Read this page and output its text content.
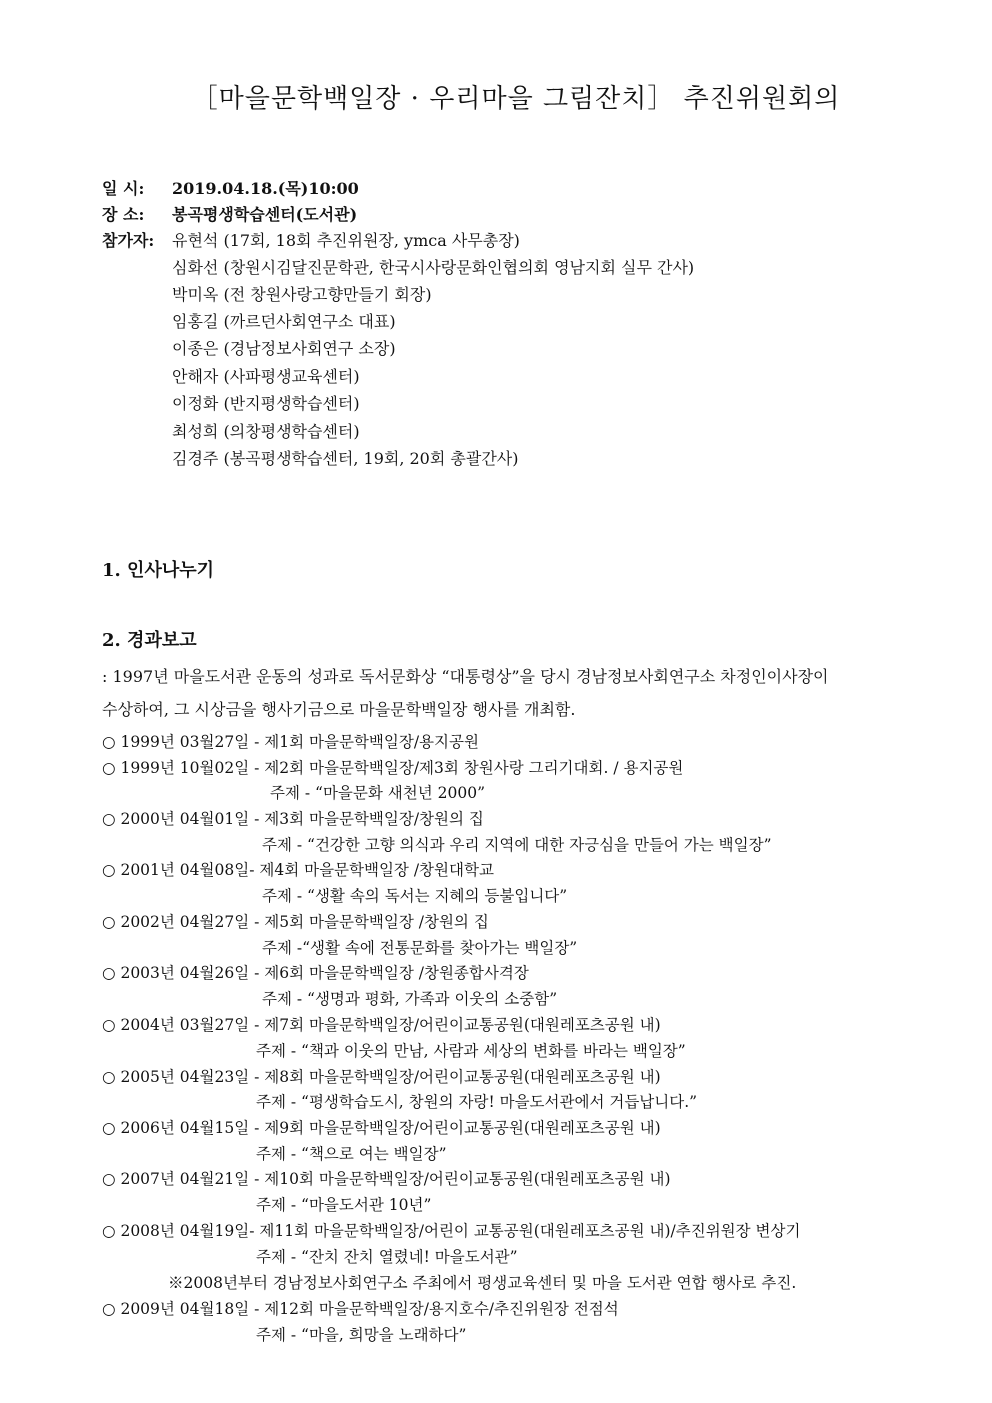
［마을문학백일장 · 우리마을 그림잔치］ 추진위원회의
일 시:	2019.04.18.(목)10:00
장 소:	봉곡평생학습센터(도서관)
참가자:	유현석 (17회, 18회 추진위원장, ymca 사무총장)
심화선 (창원시김달진문학관, 한국시사랑문화인협의회 영남지회 실무 간사)
박미옥 (전 창원사랑고향만들기 회장)
임홍길 (까르던사회연구소 대표)
이종은 (경남정보사회연구 소장)
안해자 (사파평생교육센터)
이정화 (반지평생학습센터)
최성희 (의창평생학습센터)
김경주 (봉곡평생학습센터, 19회, 20회 총괄간사)
1. 인사나누기
2. 경과보고
: 1997년 마을도서관 운동의 성과로 독서문화상 “대통령상”을 당시 경남정보사회연구소 차정인이사장이
수상하여, 그 시상금을 행사기금으로 마을문학백일장 행사를 개최함.
○ 1999년 03월27일 - 제1회 마을문학백일장/용지공원
○ 1999년 10월02일 - 제2회 마을문학백일장/제3회 창원사랑 그리기대회. / 용지공원
주제 - “마을문화 새천년 2000”
○ 2000년 04월01일 - 제3회 마을문학백일장/창원의 집
주제 - “건강한 고향 의식과 우리 지역에 대한 자긍심을 만들어 가는 백일장”
○ 2001년 04월08일- 제4회 마을문학백일장 /창원대학교
주제 - “생활 속의 독서는 지혜의 등불입니다”
○ 2002년 04월27일 - 제5회 마을문학백일장 /창원의 집
주제 -“생활 속에 전통문화를 찾아가는 백일장”
○ 2003년 04월26일 - 제6회 마을문학백일장 /창원종합사격장
주제 - “생명과 평화, 가족과 이웃의 소중함”
○ 2004년 03월27일 - 제7회 마을문학백일장/어린이교통공원(대원레포츠공원 내)
주제 - “책과 이웃의 만남, 사람과 세상의 변화를 바라는 백일장”
○ 2005년 04월23일 - 제8회 마을문학백일장/어린이교통공원(대원레포츠공원 내)
주제 - “평생학습도시, 창원의 자랑! 마을도서관에서 거듭납니다.”
○ 2006년 04월15일 - 제9회 마을문학백일장/어린이교통공원(대원레포츠공원 내)
주제 - “책으로 여는 백일장”
○ 2007년 04월21일 - 제10회 마을문학백일장/어린이교통공원(대원레포츠공원 내)
주제 - “마을도서관 10년”
○ 2008년 04월19일- 제11회 마을문학백일장/어린이 교통공원(대원레포츠공원 내)/추진위원장 변상기
주제 - “잔치 잔치 열렸네! 마을도서관”
※2008년부터 경남정보사회연구소 주최에서 평생교육센터 및 마을 도서관 연합 행사로 추진.
○ 2009년 04월18일 - 제12회 마을문학백일장/용지호수/추진위원장 전점석
주제 - “마을, 희망을 노래하다”
